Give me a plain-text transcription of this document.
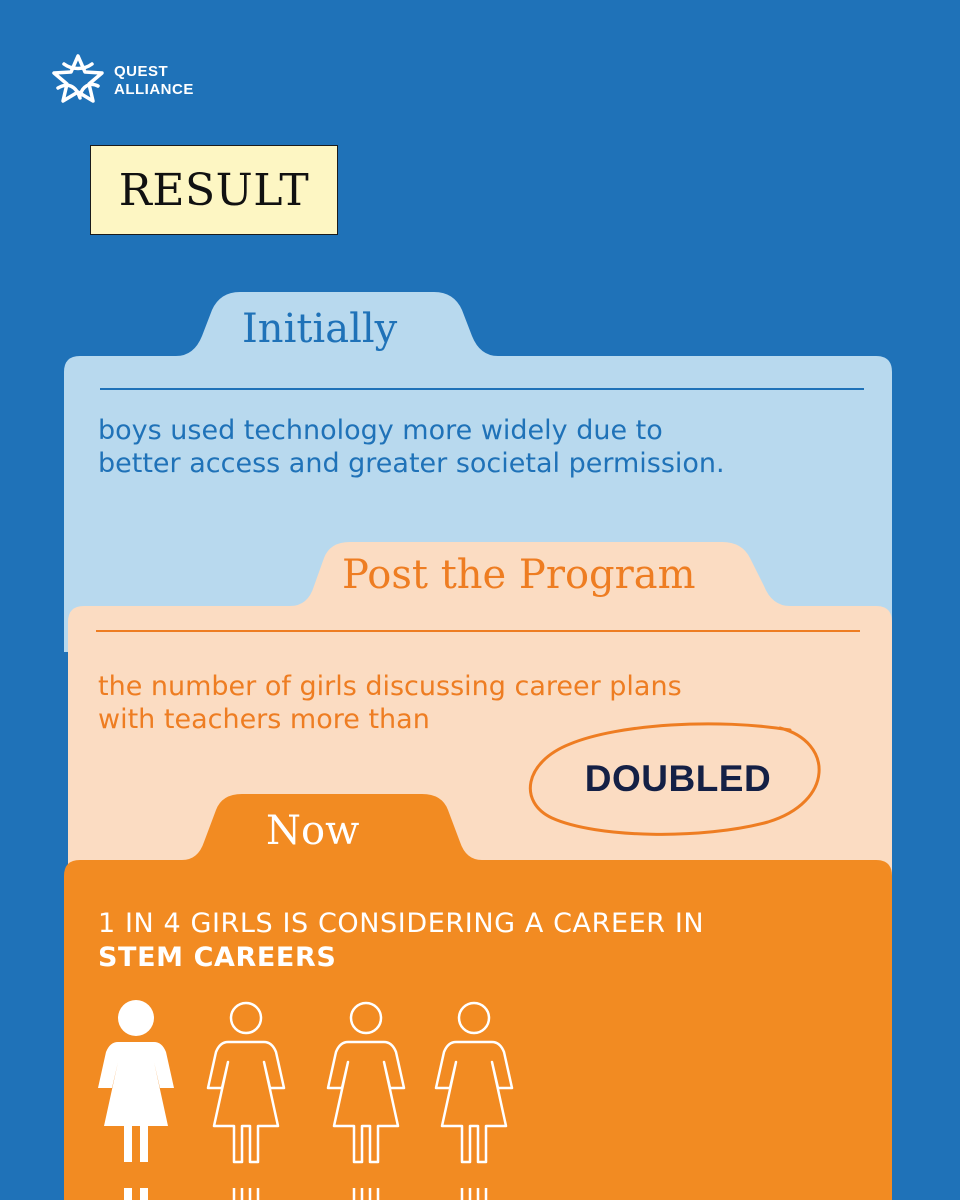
QUEST
ALLIANCE
RESULT
Initially
boys used technology more widely due to
better access and greater societal permission.
Post the Program
the number of girls discussing career plans
with teachers more than
DOUBLED
Now
1 IN 4 GIRLS IS CONSIDERING A CAREER IN
STEM CAREERS
